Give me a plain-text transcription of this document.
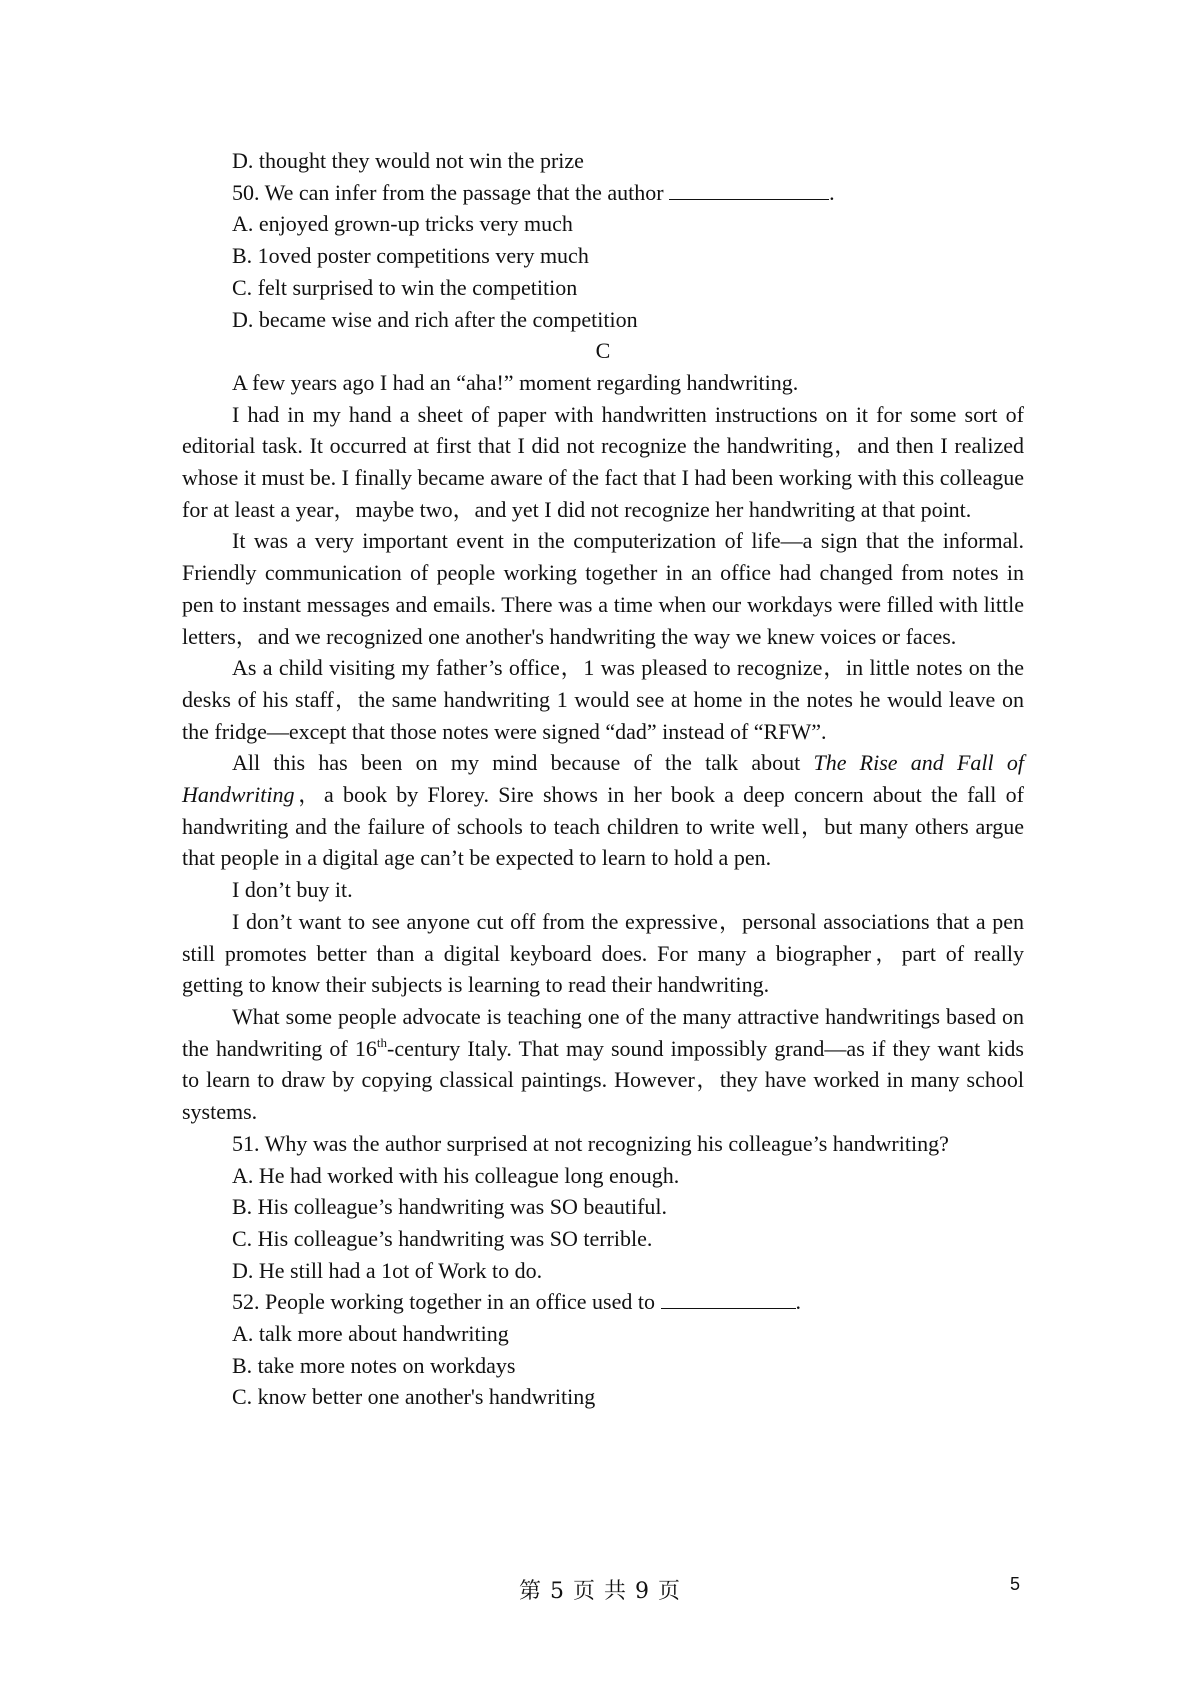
D. thought they would not win the prize

50. We can infer from the passage that the author	.

A. enjoyed grown-up tricks very much

B. 1oved poster competitions very much

C. felt surprised to win the competition

D. became wise and rich after the competition

C

A few years ago I had an “aha!” moment regarding handwriting.

I had in my hand a sheet of paper with handwritten instructions on it for some sort of editorial task. It occurred at first that I did not recognize the handwriting，and then I realized whose it must be. I finally became aware of the fact that I had been working with this colleague for at least a year，maybe two，and yet I did not recognize her handwriting at that point.

It was a very important event in the computerization of life—a sign that the informal. Friendly communication of people working together in an office had changed from notes in pen to instant messages and emails. There was a time when our workdays were filled with little letters，and we recognized one another's handwriting the way we knew voices or faces.

As a child visiting my father’s office，1 was pleased to recognize，in little notes on the desks of his staff，the same handwriting 1 would see at home in the notes he would leave on the fridge—except that those notes were signed “dad” instead of “RFW”.

All this has been on my mind because of the talk about The Rise and Fall of Handwriting，a book by Florey. Sire shows in her book a deep concern about the fall of handwriting and the failure of schools to teach children to write well，but many others argue that people in a digital age can’t be expected to learn to hold a pen.

I don’t buy it.

I don’t want to see anyone cut off from the expressive，personal associations that a pen still promotes better than a digital keyboard does. For many a biographer，part of really getting to know their subjects is learning to read their handwriting.

What some people advocate is teaching one of the many attractive handwritings based on the handwriting of 16th-century Italy. That may sound impossibly grand—as if they want kids to learn to draw by copying classical paintings. However，they have worked in many school systems.

51. Why was the author surprised at not recognizing his colleague’s handwriting?

A. He had worked with his colleague long enough.

B. His colleague’s handwriting was SO beautiful.

C. His colleague’s handwriting was SO terrible.

D. He still had a 1ot of Work to do.

52. People working together in an office used to	.

A. talk more about handwriting

B. take more notes on workdays

C. know better one another's handwriting

第 5 页 共 9 页	5
